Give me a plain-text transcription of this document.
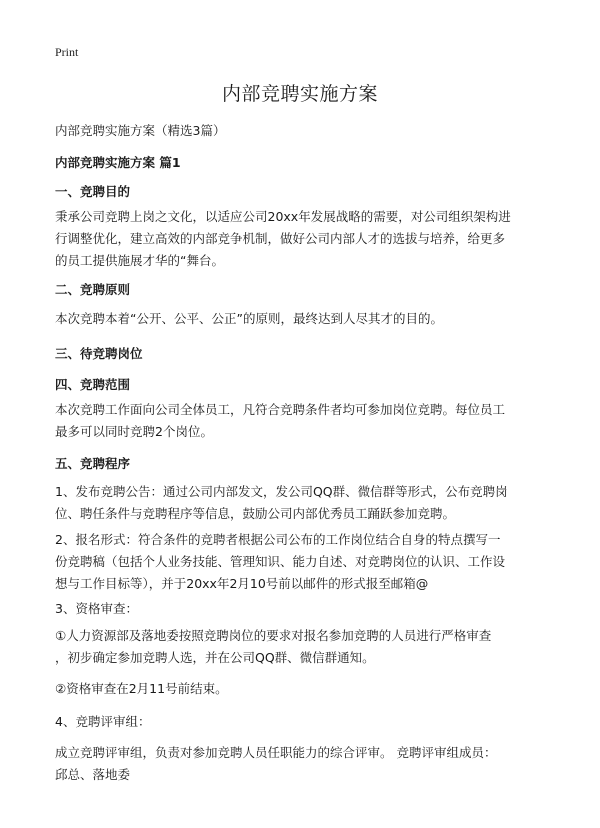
Print
内部竞聘实施方案
内部竞聘实施方案（精选3篇）
内部竞聘实施方案 篇1
一、竞聘目的
秉承公司竞聘上岗之文化，以适应公司20xx年发展战略的需要，对公司组织架构进
行调整优化，建立高效的内部竞争机制，做好公司内部人才的选拔与培养，给更多
的员工提供施展才华的“舞台。
二、竞聘原则
本次竞聘本着“公开、公平、公正”的原则，最终达到人尽其才的目的。
三、待竞聘岗位
四、竞聘范围
本次竞聘工作面向公司全体员工，凡符合竞聘条件者均可参加岗位竞聘。每位员工
最多可以同时竞聘2个岗位。
五、竞聘程序
1、发布竞聘公告：通过公司内部发文，发公司QQ群、微信群等形式，公布竞聘岗
位、聘任条件与竞聘程序等信息，鼓励公司内部优秀员工踊跃参加竞聘。
2、报名形式：符合条件的竞聘者根据公司公布的工作岗位结合自身的特点撰写一
份竞聘稿（包括个人业务技能、管理知识、能力自述、对竞聘岗位的认识、工作设
想与工作目标等），并于20xx年2月10号前以邮件的形式报至邮箱@
3、资格审查：
①人力资源部及落地委按照竞聘岗位的要求对报名参加竞聘的人员进行严格审查
，初步确定参加竞聘人选，并在公司QQ群、微信群通知。
②资格审查在2月11号前结束。
4、竞聘评审组：
成立竞聘评审组，负责对参加竞聘人员任职能力的综合评审。 竞聘评审组成员：
邱总、落地委
